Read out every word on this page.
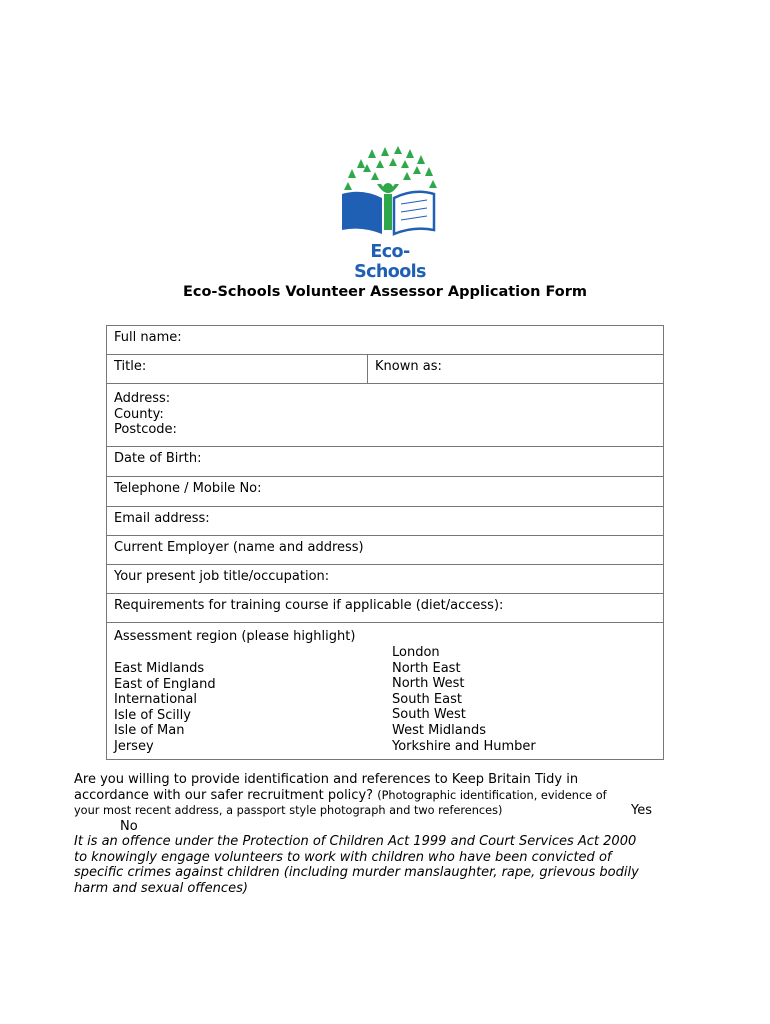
Eco-Schools
Eco-Schools Volunteer Assessor Application Form
Full name:
Title:	Known as:

Address:
County:
Postcode:

Date of Birth:
Telephone / Mobile No:
Email address:
Current Employer (name and address)
Your present job title/occupation:
Requirements for training course if applicable (diet/access):

Assessment region (please highlight)
East Midlands
East of England
International
Isle of Scilly
Isle of Man
Jersey
London
North East
North West
South East
South West
West Midlands
Yorkshire and Humber
Are you willing to provide identification and references to Keep Britain Tidy in
accordance with our safer recruitment policy? (Photographic identification, evidence of
your most recent address, a passport style photograph and two references)	Yes
No
It is an offence under the Protection of Children Act 1999 and Court Services Act 2000
to knowingly engage volunteers to work with children who have been convicted of
specific crimes against children (including murder manslaughter, rape, grievous bodily
harm and sexual offences)
